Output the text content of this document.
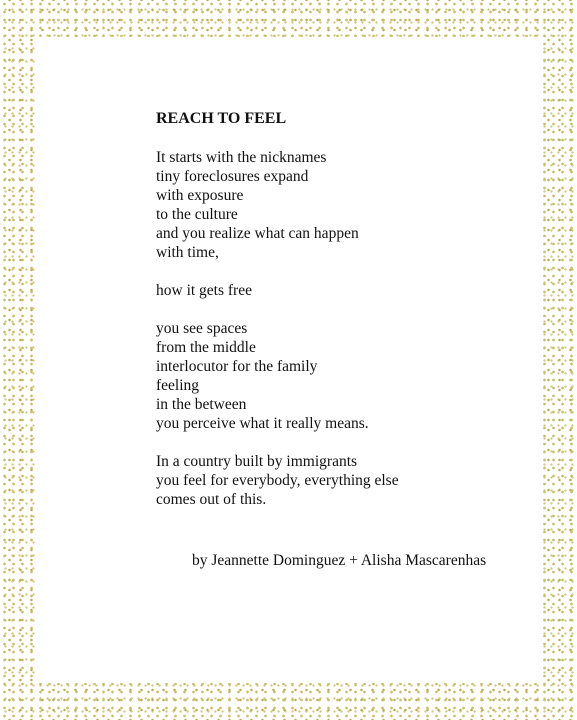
REACH TO FEEL
It starts with the nicknames
tiny foreclosures expand
with exposure
to the culture
and you realize what can happen
with time,
how it gets free
you see spaces
from the middle
interlocutor for the family
feeling
in the between
you perceive what it really means.
In a country built by immigrants
you feel for everybody, everything else
comes out of this.
by Jeannette Dominguez + Alisha Mascarenhas
